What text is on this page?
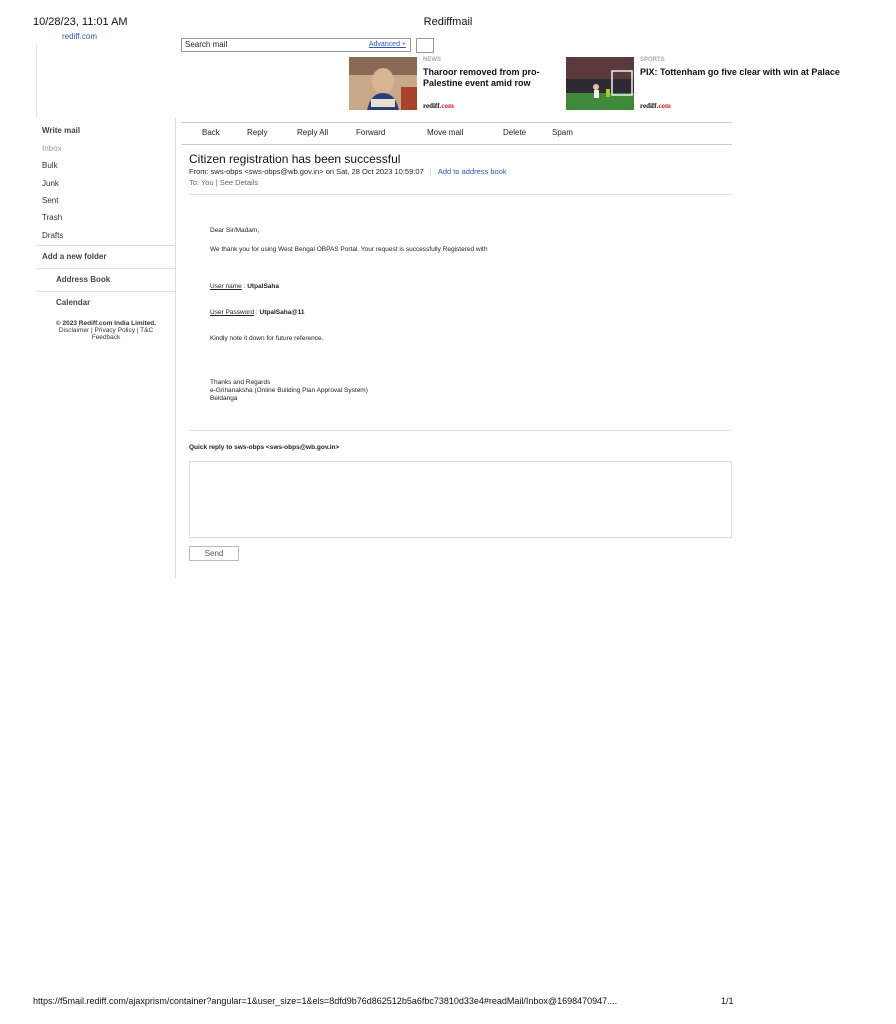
10/28/23, 11:01 AM	Rediffmail
rediff.com
Search mail	Advanced +
NEWS
Tharoor removed from pro-Palestine event amid row
rediff.com
SPORTS
PIX: Tottenham go five clear with win at Palace
rediff.com
Write mail
Inbox
Bulk
Junk
Sent
Trash
Drafts
Add a new folder
Address Book
Calendar
© 2023 Rediff.com India Limited.
Disclaimer | Privacy Policy | T&C
Feedback
Back	Reply	Reply All	Forward	Move mail	Delete	Spam
Citizen registration has been successful
From: sws-obps <sws-obps@wb.gov.in> on Sat, 28 Oct 2023 10:59:07 | Add to address book
To: You | See Details
Dear Sir/Madam,
We thank you for using West Bengal OBPAS Portal. Your request is successfully Registered with
User name : UtpalSaha
User Password : UtpalSaha@11
Kindly note it down for future reference.
Thanks and Regards
e-Grihanaksha (Online Building Plan Approval System)
Beldanga
Quick reply to sws-obps <sws-obps@wb.gov.in>
Send
https://f5mail.rediff.com/ajaxprism/container?angular=1&user_size=1&els=8dfd9b76d862512b5a6fbc73810d33e4#readMail/Inbox@1698470947....	1/1
